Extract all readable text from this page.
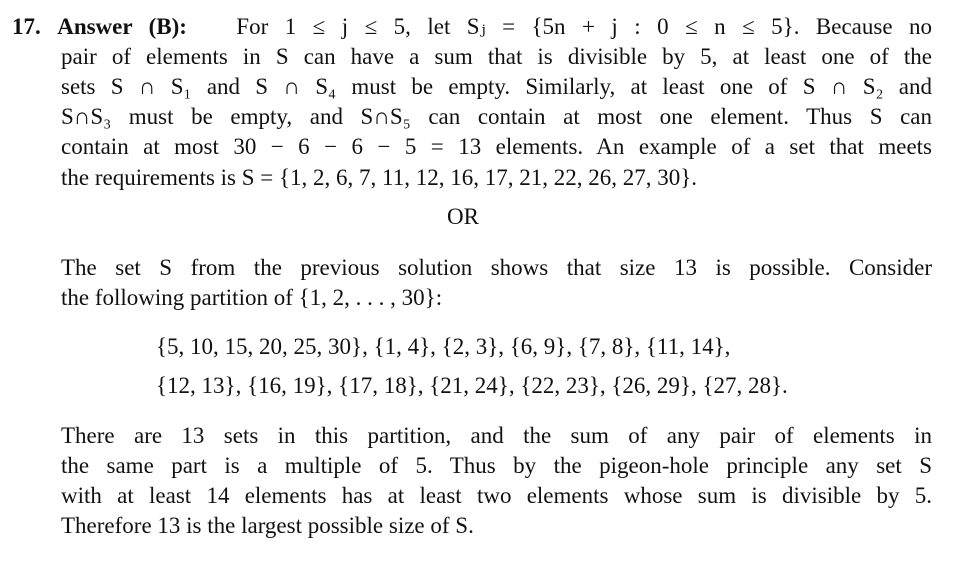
17. Answer (B): For 1 ≤ j ≤ 5, let Sⱼ = {5n + j : 0 ≤ n ≤ 5}. Because no

pair of elements in S can have a sum that is divisible by 5, at least one of the

sets S ∩ S₁ and S ∩ S₄ must be empty. Similarly, at least one of S ∩ S₂ and

S∩S₃ must be empty, and S∩S₅ can contain at most one element. Thus S can

contain at most 30 − 6 − 6 − 5 = 13 elements. An example of a set that meets

the requirements is S = {1, 2, 6, 7, 11, 12, 16, 17, 21, 22, 26, 27, 30}.

OR

The set S from the previous solution shows that size 13 is possible. Consider

the following partition of {1, 2, . . . , 30}:

{5, 10, 15, 20, 25, 30}, {1, 4}, {2, 3}, {6, 9}, {7, 8}, {11, 14},

{12, 13}, {16, 19}, {17, 18}, {21, 24}, {22, 23}, {26, 29}, {27, 28}.

There are 13 sets in this partition, and the sum of any pair of elements in

the same part is a multiple of 5. Thus by the pigeon-hole principle any set S

with at least 14 elements has at least two elements whose sum is divisible by 5.

Therefore 13 is the largest possible size of S.
